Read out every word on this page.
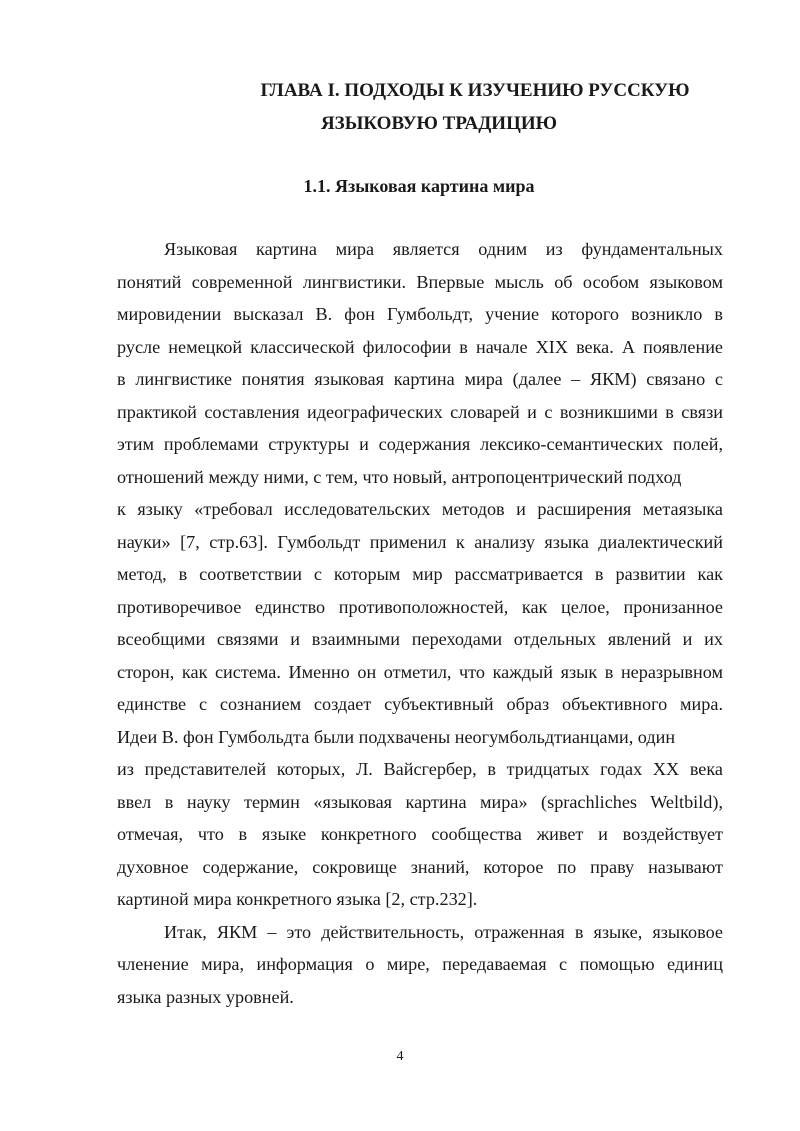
ГЛАВА I. ПОДХОДЫ К ИЗУЧЕНИЮ РУССКУЮ
ЯЗЫКОВУЮ ТРАДИЦИЮ
1.1. Языковая картина мира
Языковая картина мира является одним из фундаментальных
понятий современной лингвистики. Впервые мысль об особом языковом
мировидении высказал В. фон Гумбольдт, учение которого возникло в
русле немецкой классической философии в начале XIX века. А появление
в лингвистике понятия языковая картина мира (далее – ЯКМ) связано с
практикой составления идеографических словарей и с возникшими в связи
этим проблемами структуры и содержания лексико-семантических полей,
отношений между ними, с тем, что новый, антропоцентрический подход
к языку «требовал исследовательских методов и расширения метаязыка
науки» [7, стр.63]. Гумбольдт применил к анализу языка диалектический
метод, в соответствии с которым мир рассматривается в развитии как
противоречивое единство противоположностей, как целое, пронизанное
всеобщими связями и взаимными переходами отдельных явлений и их
сторон, как система. Именно он отметил, что каждый язык в неразрывном
единстве с сознанием создает субъективный образ объективного мира.
Идеи В. фон Гумбольдта были подхвачены неогумбольдтианцами, один
из представителей которых, Л. Вайсгербер, в тридцатых годах XX века
ввел в науку термин «языковая картина мира» (sprachliches Weltbild),
отмечая, что в языке конкретного сообщества живет и воздействует
духовное содержание, сокровище знаний, которое по праву называют
картиной мира конкретного языка [2, стр.232].
Итак, ЯКМ – это действительность, отраженная в языке, языковое
членение мира, информация о мире, передаваемая с помощью единиц
языка разных уровней.
4
